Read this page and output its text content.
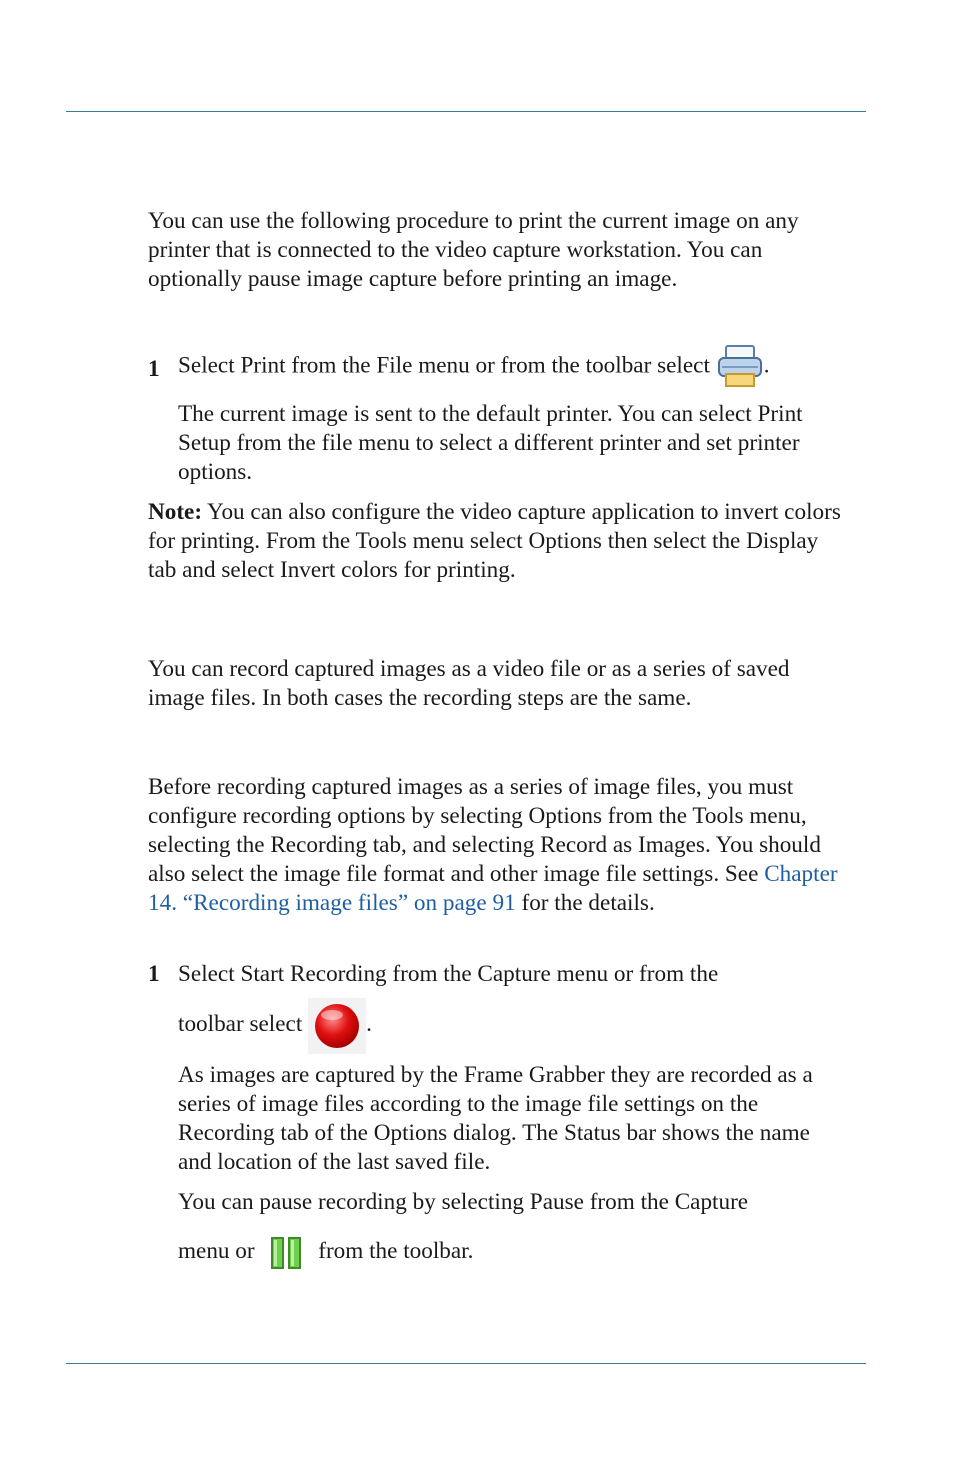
You can use the following procedure to print the current image on any printer that is connected to the video capture workstation. You can optionally pause image capture before printing an image.

1 Select Print from the File menu or from the toolbar select .

The current image is sent to the default printer. You can select Print Setup from the file menu to select a different printer and set printer options.

Note: You can also configure the video capture application to invert colors for printing. From the Tools menu select Options then select the Display tab and select Invert colors for printing.

You can record captured images as a video file or as a series of saved image files. In both cases the recording steps are the same.

Before recording captured images as a series of image files, you must configure recording options by selecting Options from the Tools menu, selecting the Recording tab, and selecting Record as Images. You should also select the image file format and other image file settings. See Chapter 14. “Recording image files” on page 91 for the details.

1 Select Start Recording from the Capture menu or from the

toolbar select	.

As images are captured by the Frame Grabber they are recorded as a series of image files according to the image file settings on the Recording tab of the Options dialog. The Status bar shows the name and location of the last saved file.

You can pause recording by selecting Pause from the Capture

menu or	from the toolbar.
